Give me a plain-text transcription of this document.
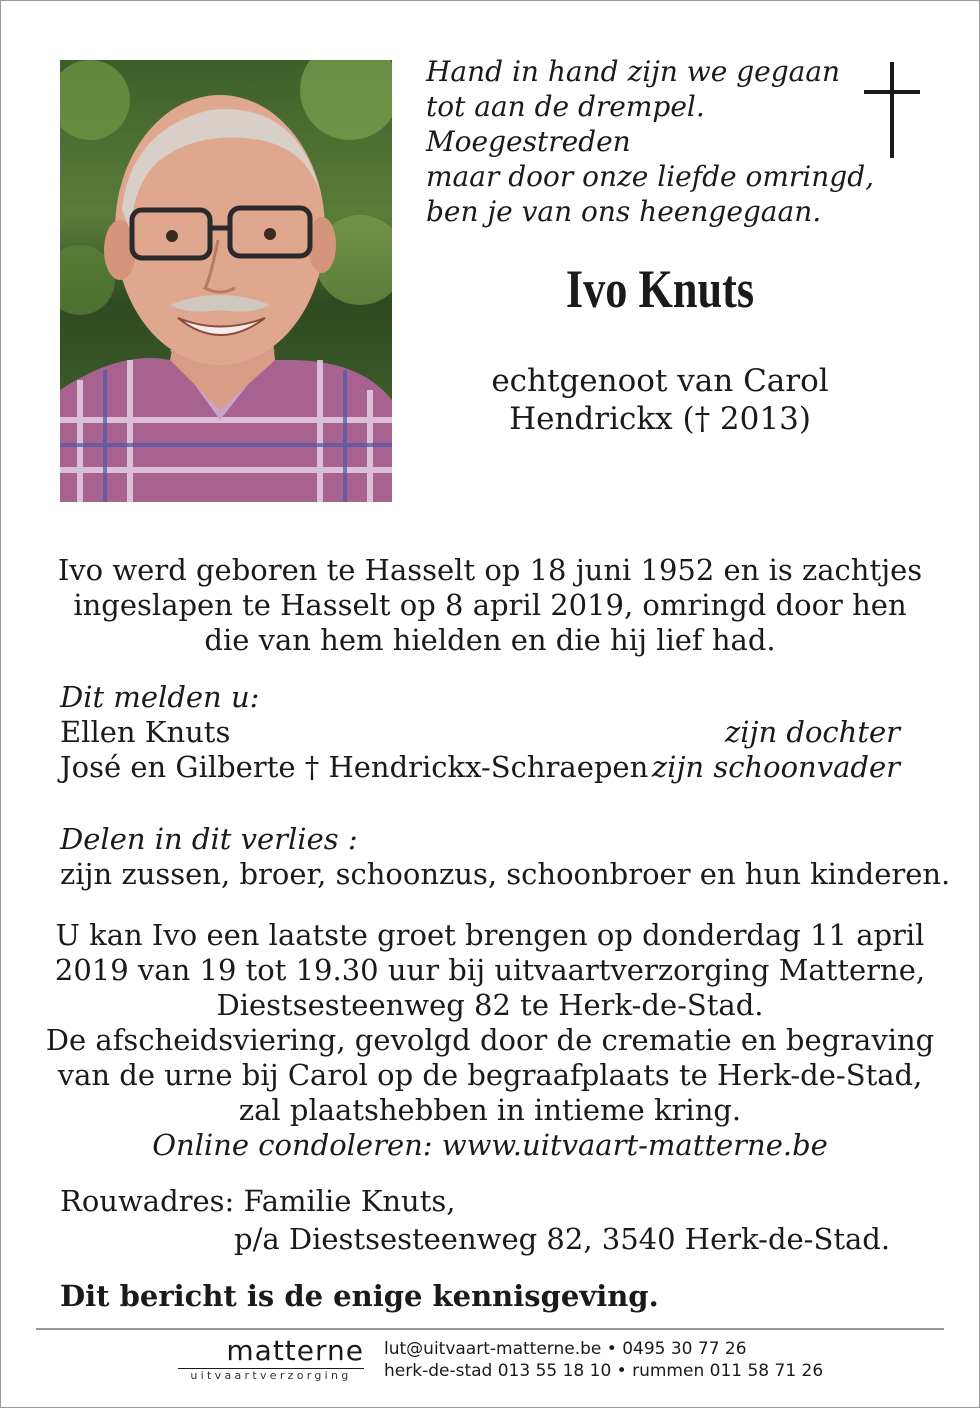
Hand in hand zijn we gegaan
tot aan de drempel.
Moegestreden
maar door onze liefde omringd,
ben je van ons heengegaan.
Ivo Knuts
echtgenoot van Carol
Hendrickx († 2013)
Ivo werd geboren te Hasselt op 18 juni 1952 en is zachtjes
ingeslapen te Hasselt op 8 april 2019, omringd door hen
die van hem hielden en die hij lief had.
Dit melden u:
Ellen Knuts	zijn dochter
José en Gilberte † Hendrickx-Schraepen zijn schoonvader
Delen in dit verlies :
zijn zussen, broer, schoonzus, schoonbroer en hun kinderen.
U kan Ivo een laatste groet brengen op donderdag 11 april
2019 van 19 tot 19.30 uur bij uitvaartverzorging Matterne,
Diestsesteenweg 82 te Herk-de-Stad.
De afscheidsviering, gevolgd door de crematie en begraving
van de urne bij Carol op de begraafplaats te Herk-de-Stad,
zal plaatshebben in intieme kring.
Online condoleren: www.uitvaart-matterne.be
Rouwadres: Familie Knuts,
p/a Diestsesteenweg 82, 3540 Herk-de-Stad.
Dit bericht is de enige kennisgeving.
matterne
uitvaartverzorging
lut@uitvaart-matterne.be • 0495 30 77 26
herk-de-stad 013 55 18 10 • rummen 011 58 71 26
